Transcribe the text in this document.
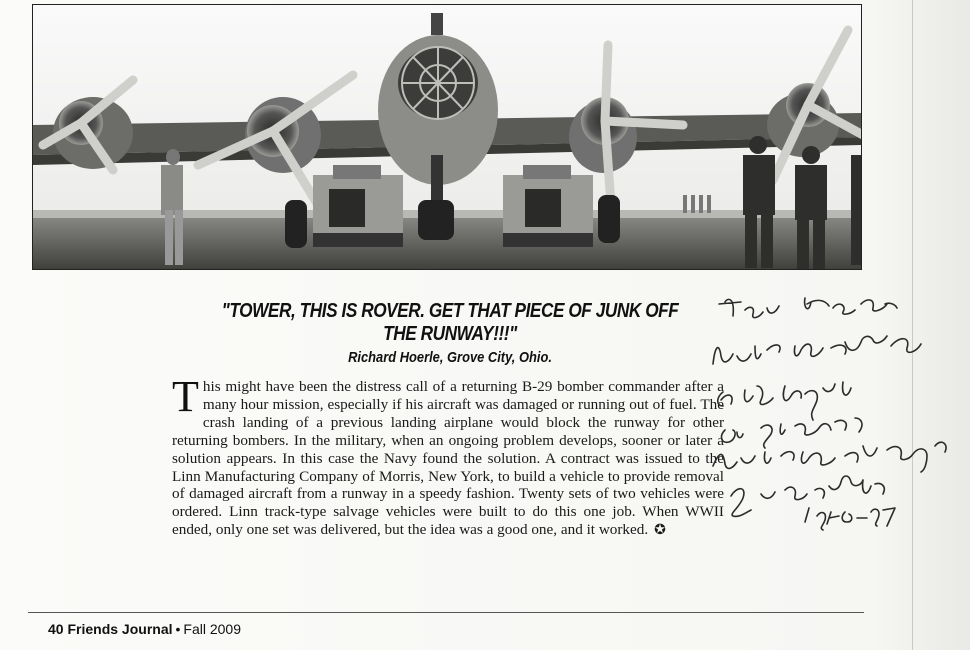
"TOWER, THIS IS ROVER. GET THAT PIECE OF JUNK OFF THE RUNWAY!!!"
Richard Hoerle, Grove City, Ohio.
This might have been the distress call of a returning B-29 bomber commander after a many hour mission, especially if his aircraft was damaged or running out of fuel. The crash landing of a previous landing airplane would block the runway for other returning bombers. In the military, when an ongoing problem develops, sooner or later a solution appears. In this case the Navy found the solution. A contract was issued to the Linn Manufacturing Company of Morris, New York, to build a vehicle to provide removal of damaged aircraft from a runway in a speedy fashion. Twenty sets of two vehicles were ordered. Linn track-type salvage vehicles were built to do this one job. When WWII ended, only one set was delivered, but the idea was a good one, and it worked. ✪
40 Friends Journal • Fall 2009
